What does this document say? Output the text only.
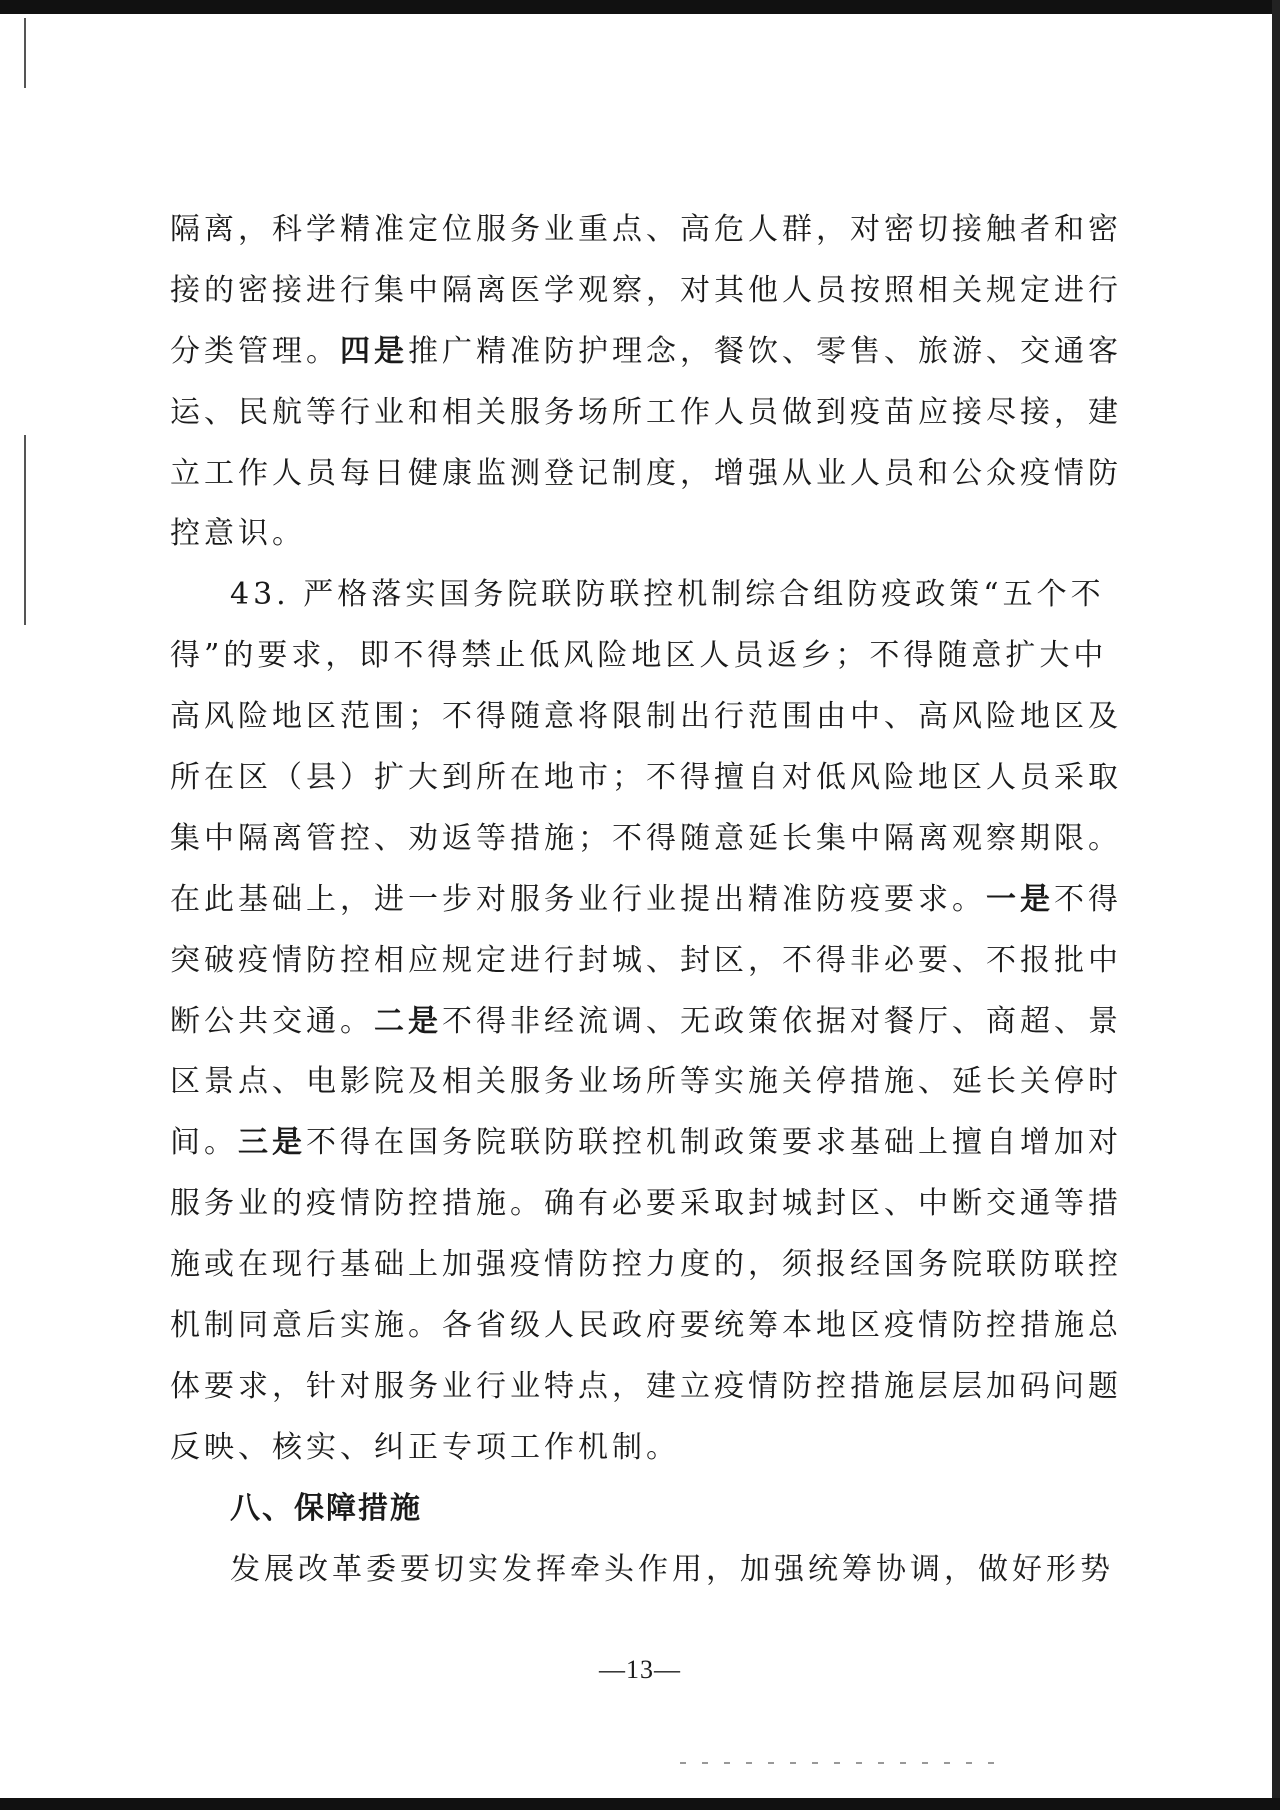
隔离，科学精准定位服务业重点、高危人群，对密切接触者和密
接的密接进行集中隔离医学观察，对其他人员按照相关规定进行
分类管理。四是推广精准防护理念，餐饮、零售、旅游、交通客
运、民航等行业和相关服务场所工作人员做到疫苗应接尽接，建
立工作人员每日健康监测登记制度，增强从业人员和公众疫情防
控意识。
43. 严格落实国务院联防联控机制综合组防疫政策“五个不
得”的要求，即不得禁止低风险地区人员返乡；不得随意扩大中
高风险地区范围；不得随意将限制出行范围由中、高风险地区及
所在区（县）扩大到所在地市；不得擅自对低风险地区人员采取
集中隔离管控、劝返等措施；不得随意延长集中隔离观察期限。
在此基础上，进一步对服务业行业提出精准防疫要求。一是不得
突破疫情防控相应规定进行封城、封区，不得非必要、不报批中
断公共交通。二是不得非经流调、无政策依据对餐厅、商超、景
区景点、电影院及相关服务业场所等实施关停措施、延长关停时
间。三是不得在国务院联防联控机制政策要求基础上擅自增加对
服务业的疫情防控措施。确有必要采取封城封区、中断交通等措
施或在现行基础上加强疫情防控力度的，须报经国务院联防联控
机制同意后实施。各省级人民政府要统筹本地区疫情防控措施总
体要求，针对服务业行业特点，建立疫情防控措施层层加码问题
反映、核实、纠正专项工作机制。
八、保障措施
发展改革委要切实发挥牵头作用，加强统筹协调，做好形势
—13—
